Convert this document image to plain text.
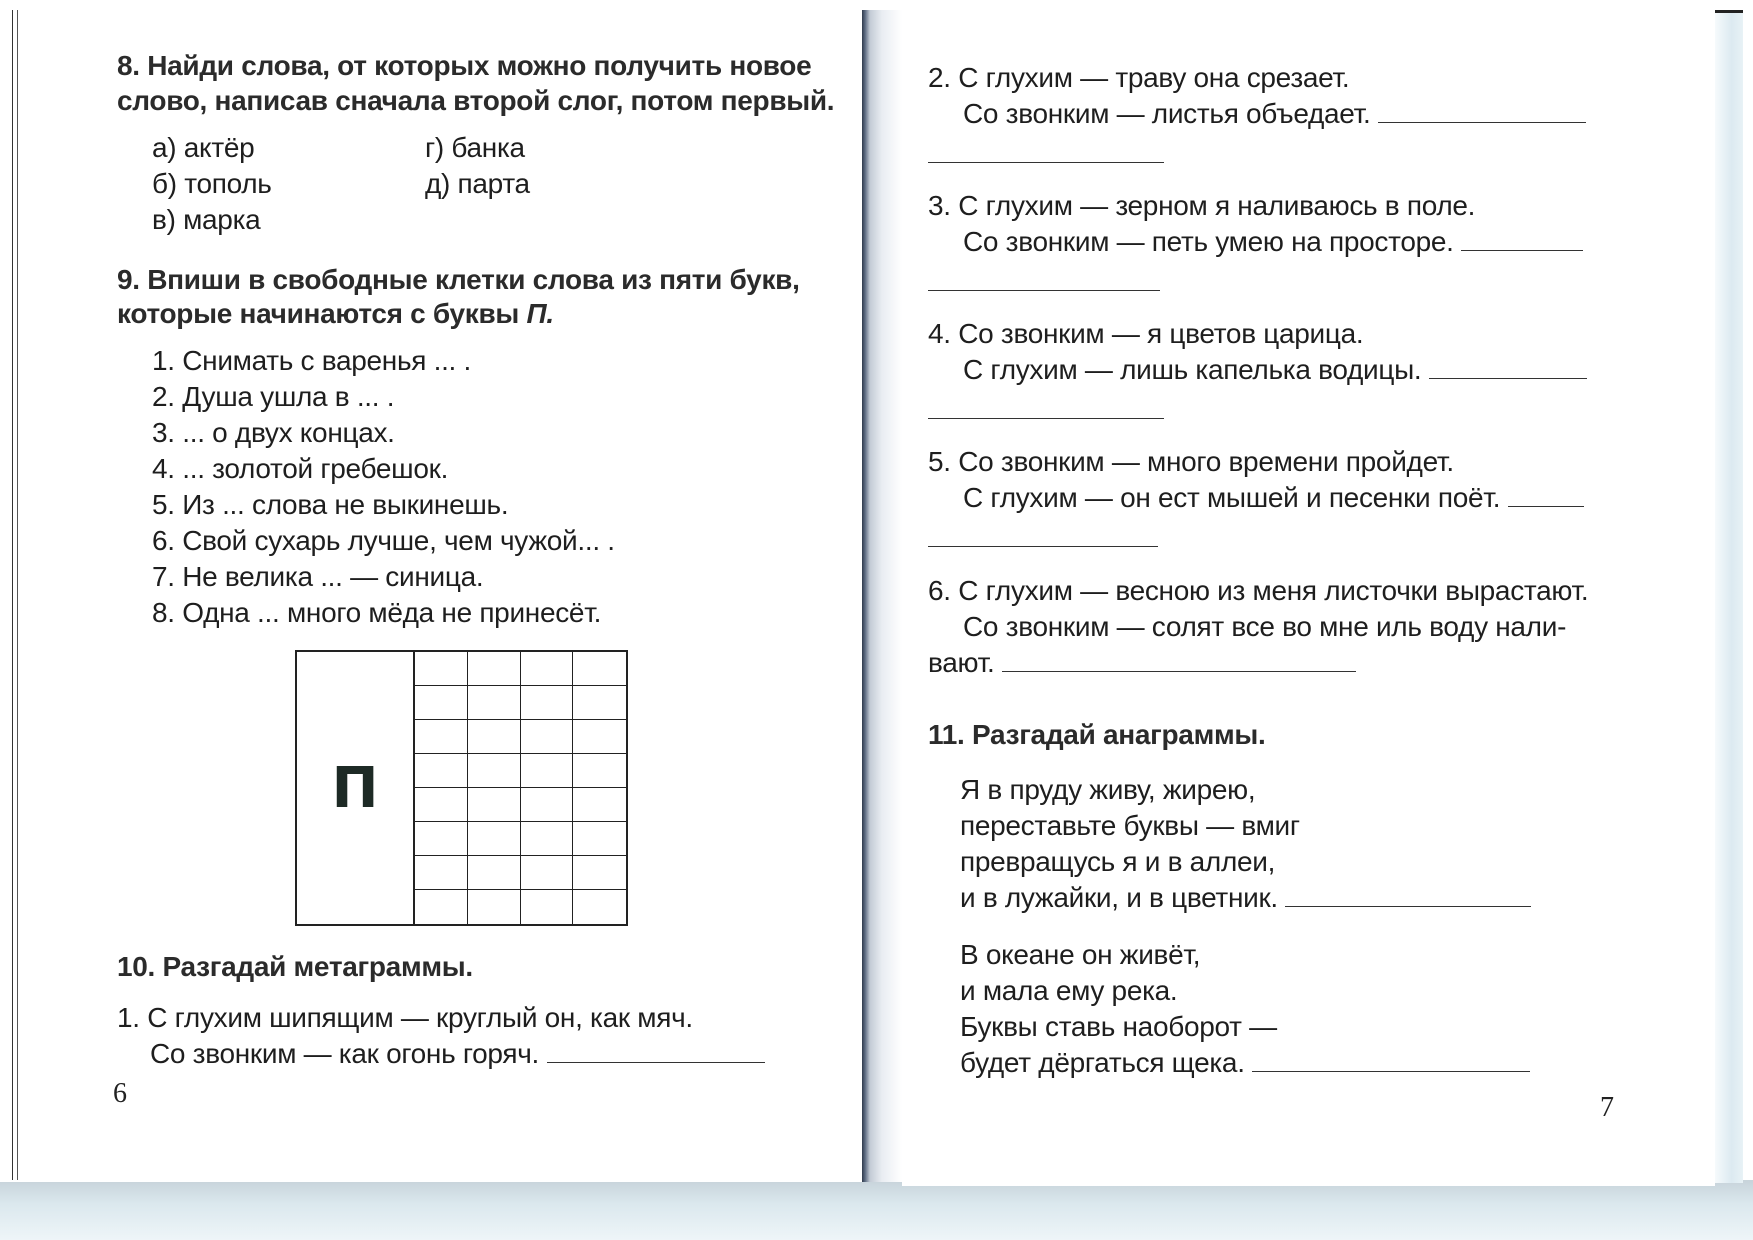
8. Найди слова, от которых можно получить новое
слово, написав сначала второй слог, потом первый.
а) актёр
б) тополь
в) марка
г) банка
д) парта
9. Впиши в свободные клетки слова из пяти букв,
которые начинаются с буквы П.
1. Снимать с варенья ... .
2. Душа ушла в ... .
3. ... о двух концах.
4. ... золотой гребешок.
5. Из ... слова не выкинешь.
6. Свой сухарь лучше, чем чужой... .
7. Не велика ... — синица.
8. Одна ... много мёда не принесёт.
П
10. Разгадай метаграммы.
1. С глухим шипящим — круглый он, как мяч.
Со звонким — как огонь горяч.
6
2. С глухим — траву она срезает.
Со звонким — листья объедает.
3. С глухим — зерном я наливаюсь в поле.
Со звонким — петь умею на просторе.
4. Со звонким — я цветов царица.
С глухим — лишь капелька водицы.
5. Со звонким — много времени пройдет.
С глухим — он ест мышей и песенки поёт.
6. С глухим — весною из меня листочки вырастают.
Со звонким — солят все во мне иль воду нали-
вают.
11. Разгадай анаграммы.
Я в пруду живу, жирею,
переставьте буквы — вмиг
превращусь я и в аллеи,
и в лужайки, и в цветник.
В океане он живёт,
и мала ему река.
Буквы ставь наоборот —
будет дёргаться щека.
7
